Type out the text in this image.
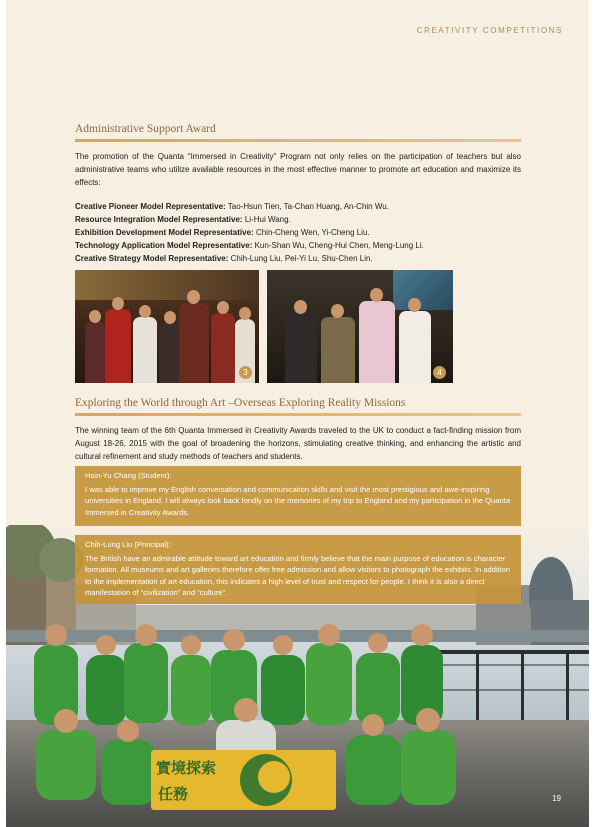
CREATIVITY COMPETITIONS
Administrative Support Award
The promotion of the Quanta “Immersed in Creativity” Program not only relies on the participation of teachers but also administrative teams who utilize available resources in the most effective manner to promote art education and maximize its effects:
Creative Pioneer Model Representative: Tao-Hsun Tien, Ta-Chan Huang, An-Chin Wu.
Resource Integration Model Representative: Li-Hui Wang.
Exhibition Development Model Representative: Chin-Cheng Wen, Yi-Cheng Liu.
Technology Application Model Representative: Kun-Shan Wu, Cheng-Hui Chen, Meng-Lung Li.
Creative Strategy Model Representative: Chih-Lung Liu, Pei-Yi Lu, Shu-Chen Lin.
3	4
Exploring the World through Art –Overseas Exploring Reality Missions
The winning team of the 6th Quanta Immersed in Creativity Awards traveled to the UK to conduct a fact-finding mission from August 18-26, 2015 with the goal of broadening the horizons, stimulating creative thinking, and enhancing the artistic and cultural refinement and study methods of teachers and students.
實境探索
任務
Hsin-Yu Chang (Student):
I was able to improve my English conversation and communication skills and visit the most prestigious and awe-inspiring universities in England. I will always look back fondly on the memories of my trip to England and my participation in the Quanta Immersed in Creativity Awards.
Chih-Lung Liu (Principal):
The British have an admirable attitude toward art education and firmly believe that the main purpose of education is character formation. All museums and art galleries therefore offer free admission and allow visitors to photograph the exhibits. In addition to the implementation of art education, this indicates a high level of trust and respect for people. I think it is also a direct manifestation of “civilization” and “culture”.
19
